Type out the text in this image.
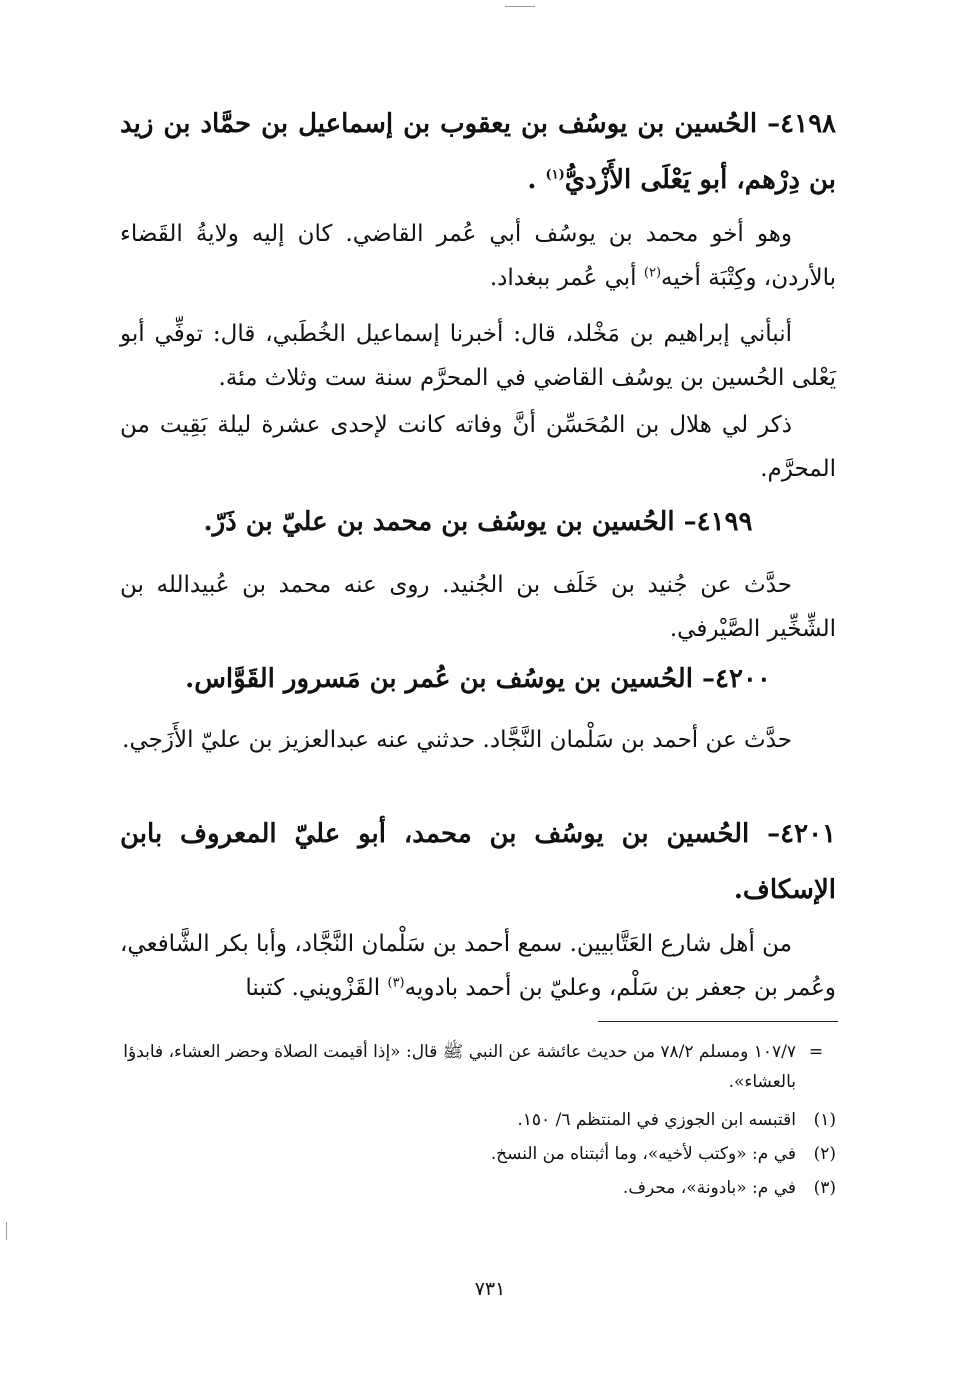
٤١٩٨– الحُسين بن يوسُف بن يعقوب بن إسماعيل بن حمَّاد بن زيد بن دِرْهم، أبو يَعْلَى الأَزْديُّ$^{(١)}$ .
وهو أخو محمد بن يوسُف أبي عُمر القاضي. كان إليه ولايةُ القَضاء بالأردن، وكِتْبَة أخيه$^{(٢)}$ أبي عُمر ببغداد.
أنبأني إبراهيم بن مَخْلد، قال: أخبرنا إسماعيل الخُطَبي، قال: توفِّي أبو يَعْلى الحُسين بن يوسُف القاضي في المحرَّم سنة ست وثلاث مئة.
ذكر لي هلال بن المُحَسِّن أنَّ وفاته كانت لإحدى عشرة ليلة بَقِيت من المحرَّم.
٤١٩٩– الحُسين بن يوسُف بن محمد بن عليّ بن ذَرّ.
حدَّث عن جُنيد بن خَلَف بن الجُنيد. روى عنه محمد بن عُبيدالله بن الشِّخِّير الصَّيْرفي.
٤٢٠٠– الحُسين بن يوسُف بن عُمر بن مَسرور القَوَّاس.
حدَّث عن أحمد بن سَلْمان النَّجَّاد. حدثني عنه عبدالعزيز بن عليّ الأَزَجي.
٤٢٠١– الحُسين بن يوسُف بن محمد، أبو عليّ المعروف بابن الإسكاف.
من أهل شارع العَتَّابيين. سمع أحمد بن سَلْمان النَّجَّاد، وأبا بكر الشَّافعي، وعُمر بن جعفر بن سَلْم، وعليّ بن أحمد بادويه$^{(٣)}$ القَزْويني. كتبنا
=
١٠٧/٧ ومسلم ٧٨/٢ من حديث عائشة عن النبي ﷺ قال: «إذا أقيمت الصلاة وحضر العشاء، فابدؤا بالعشاء».
(١)
اقتبسه ابن الجوزي في المنتظم ٦/ ١٥٠.
(٢)
في م: «وكتب لأخيه»، وما أثبتناه من النسخ.
(٣)
في م: «بادونة»، محرف.
٧٣١
